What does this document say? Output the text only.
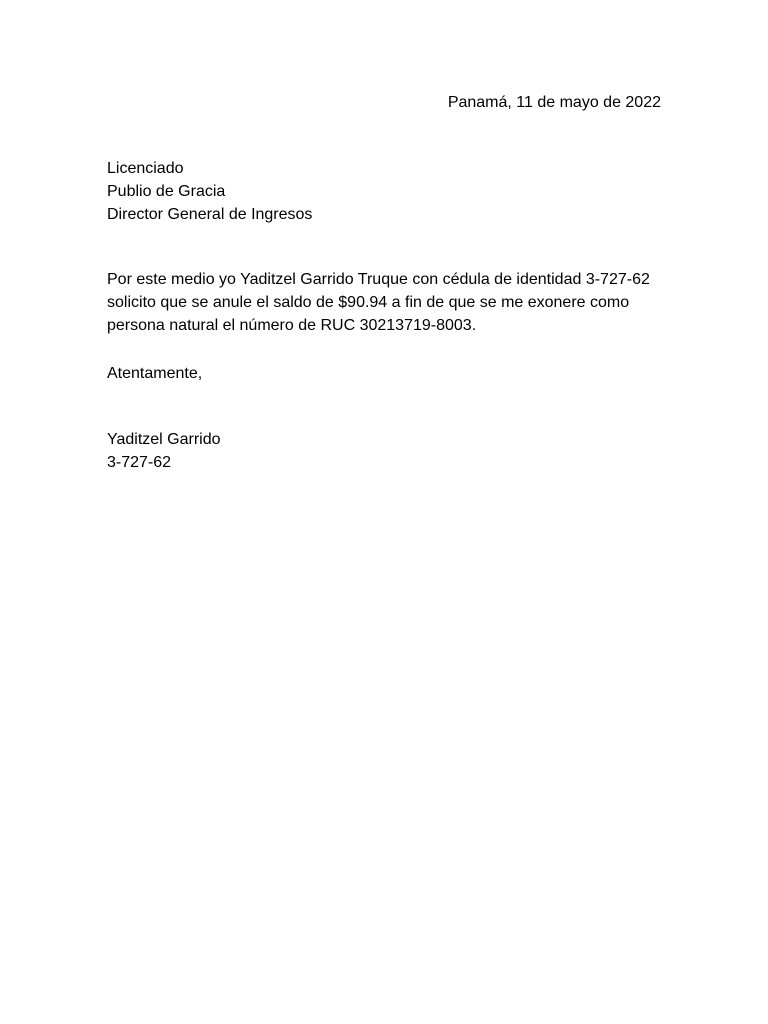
Panamá, 11 de mayo de 2022
Licenciado
Publio de Gracia
Director General de Ingresos

Por este medio yo Yaditzel Garrido Truque con cédula de identidad 3-727-62 solicito que se anule el saldo de $90.94 a fin de que se me exonere como persona natural el número de RUC 30213719-8003.

Atentamente,
Yaditzel Garrido
3-727-62
